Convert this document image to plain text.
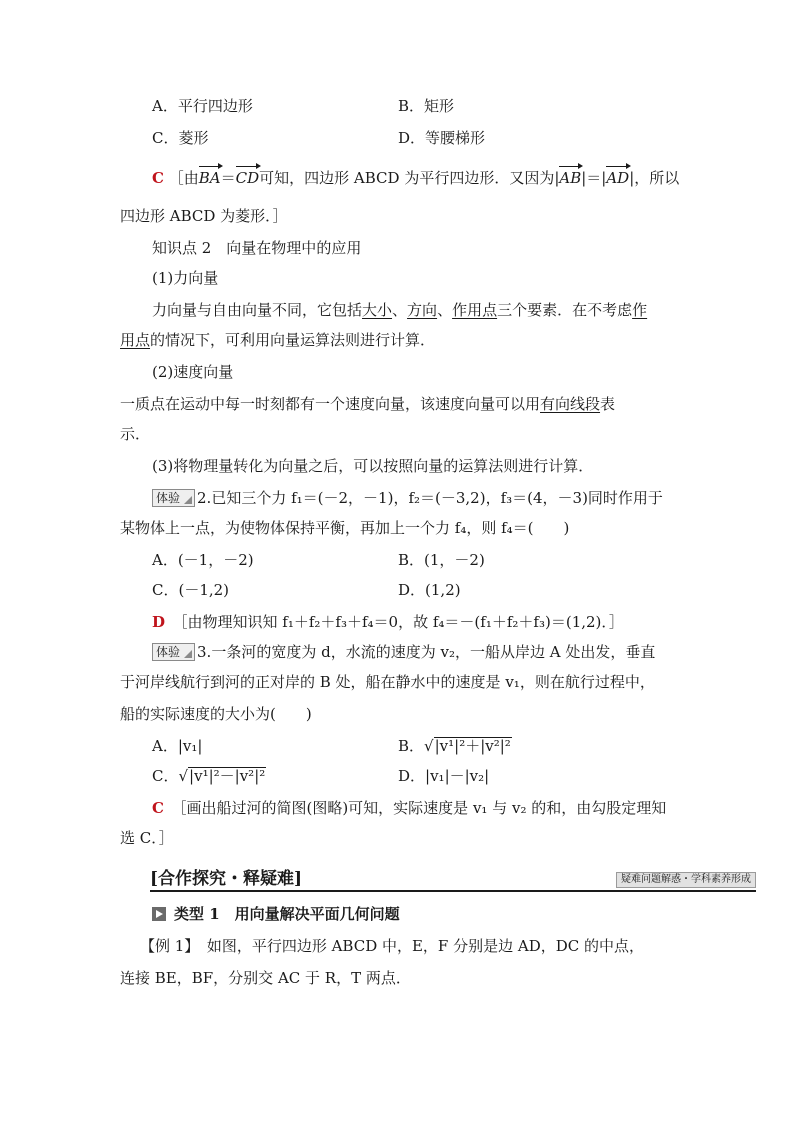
A．平行四边形	B．矩形
C．菱形	D．等腰梯形
C ［由BA＝CD可知，四边形 ABCD 为平行四边形．又因为|AB|＝|AD|，所以
四边形 ABCD 为菱形．］
知识点 2　向量在物理中的应用
(1)力向量
力向量与自由向量不同，它包括大小、方向、作用点三个要素．在不考虑作
用点的情况下，可利用向量运算法则进行计算．
(2)速度向量
一质点在运动中每一时刻都有一个速度向量，该速度向量可以用有向线段表
示．
(3)将物理量转化为向量之后，可以按照向量的运算法则进行计算．
体验 2.已知三个力 f₁＝(－2，－1)，f₂＝(－3,2)，f₃＝(4，－3)同时作用于
某物体上一点，为使物体保持平衡，再加上一个力 f₄，则 f₄＝(　　)
A．(－1，－2)	B．(1，－2)
C．(－1,2)	D．(1,2)
D　 ［由物理知识知 f₁＋f₂＋f₃＋f₄＝0，故 f₄＝－(f₁＋f₂＋f₃)＝(1,2)．］
体验 3.一条河的宽度为 d，水流的速度为 v₂，一船从岸边 A 处出发，垂直
于河岸线航行到河的正对岸的 B 处，船在静水中的速度是 v₁，则在航行过程中，
船的实际速度的大小为(　　)
A．|v₁|	B．√|v¹|²＋|v²|²
C．√|v¹|²－|v²|²	D．|v₁|－|v₂|
C　 ［画出船过河的简图(图略)可知，实际速度是 v₁ 与 v₂ 的和，由勾股定理知
选 C．］
[合作探究・释疑难]	疑难问题解惑・学科素养形成
类型 1　用向量解决平面几何问题
【例 1】　如图，平行四边形 ABCD 中，E，F 分别是边 AD，DC 的中点，
连接 BE，BF，分别交 AC 于 R，T 两点．
